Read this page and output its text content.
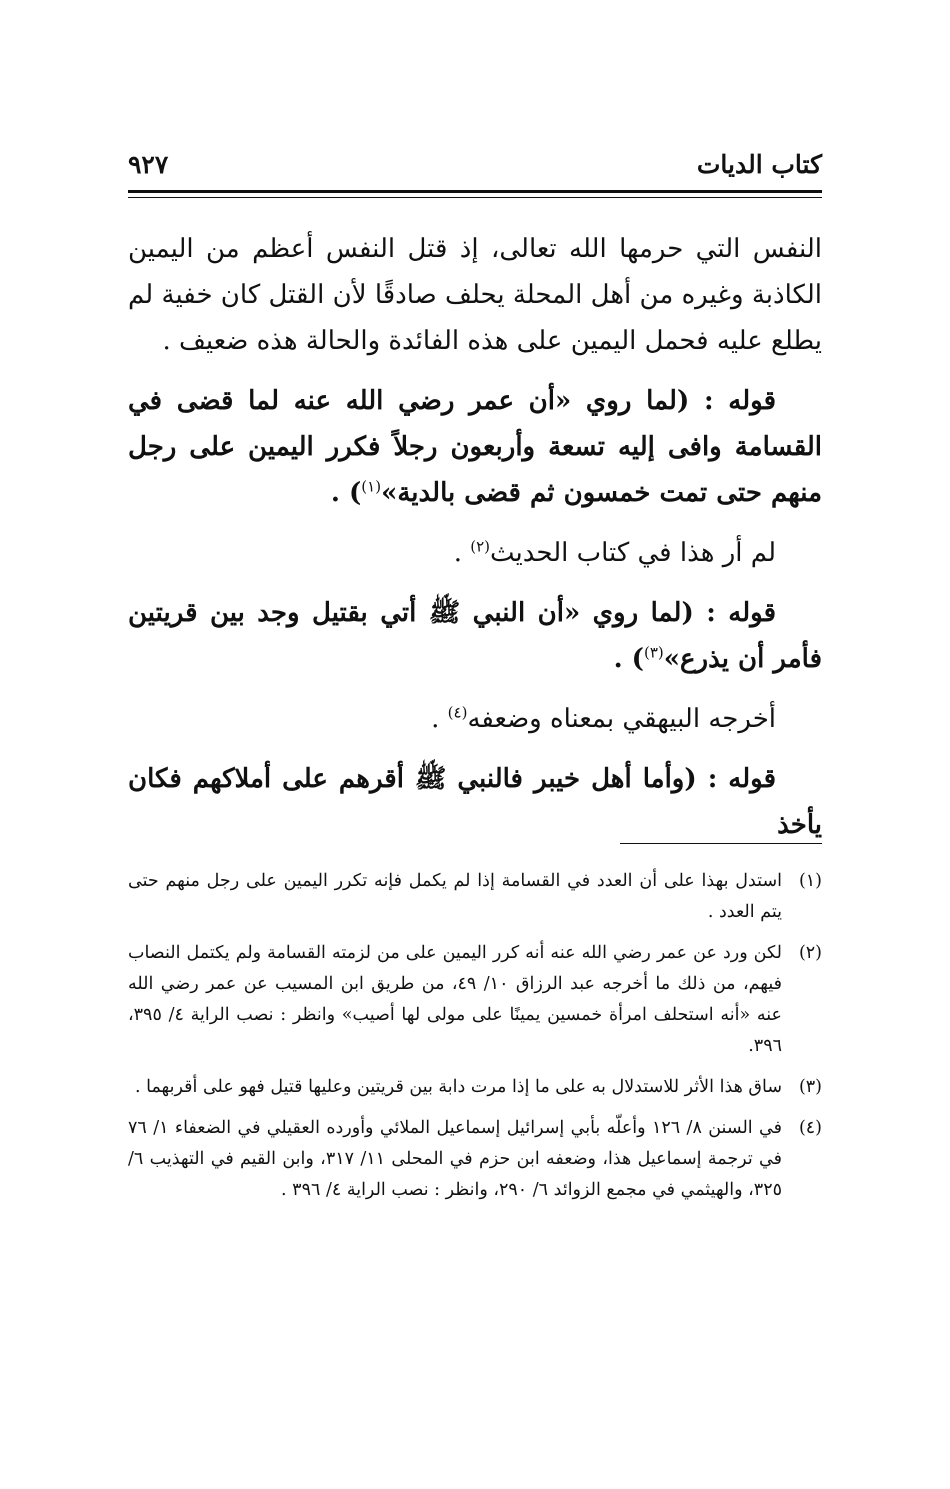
كتاب الديات
٩٢٧

النفس التي حرمها الله تعالى، إذ قتل النفس أعظم من اليمين الكاذبة وغيره من أهل المحلة يحلف صادقًا لأن القتل كان خفية لم يطلع عليه فحمل اليمين على هذه الفائدة والحالة هذه ضعيف .

قوله : (لما روي «أن عمر رضي الله عنه لما قضى في القسامة وافى إليه تسعة وأربعون رجلاً فكرر اليمين على رجل منهم حتى تمت خمسون ثم قضى بالدية»$^{(١)}$) .

لم أر هذا في كتاب الحديث$^{(٢)}$ .

قوله : (لما روي «أن النبي ﷺ أتي بقتيل وجد بين قريتين فأمر أن يذرع»$^{(٣)}$) .

أخرجه البيهقي بمعناه وضعفه$^{(٤)}$ .

قوله : (وأما أهل خيبر فالنبي ﷺ أقرهم على أملاكهم فكان يأخذ

(١)
استدل بهذا على أن العدد في القسامة إذا لم يكمل فإنه تكرر اليمين على رجل منهم حتى يتم العدد .
(٢)
لكن ورد عن عمر رضي الله عنه أنه كرر اليمين على من لزمته القسامة ولم يكتمل النصاب فيهم، من ذلك ما أخرجه عبد الرزاق ١٠/ ٤٩، من طريق ابن المسيب عن عمر رضي الله عنه «أنه استحلف امرأة خمسين يمينًا على مولى لها أصيب» وانظر : نصب الراية ٤/ ٣٩٥، ٣٩٦.
(٣)
ساق هذا الأثر للاستدلال به على ما إذا مرت دابة بين قريتين وعليها قتيل فهو على أقربهما .
(٤)
في السنن ٨/ ١٢٦ وأعلّه بأبي إسرائيل إسماعيل الملائي وأورده العقيلي في الضعفاء ١/ ٧٦ في ترجمة إسماعيل هذا، وضعفه ابن حزم في المحلى ١١/ ٣١٧، وابن القيم في التهذيب ٦/ ٣٢٥، والهيثمي في مجمع الزوائد ٦/ ٢٩٠، وانظر : نصب الراية ٤/ ٣٩٦ .
